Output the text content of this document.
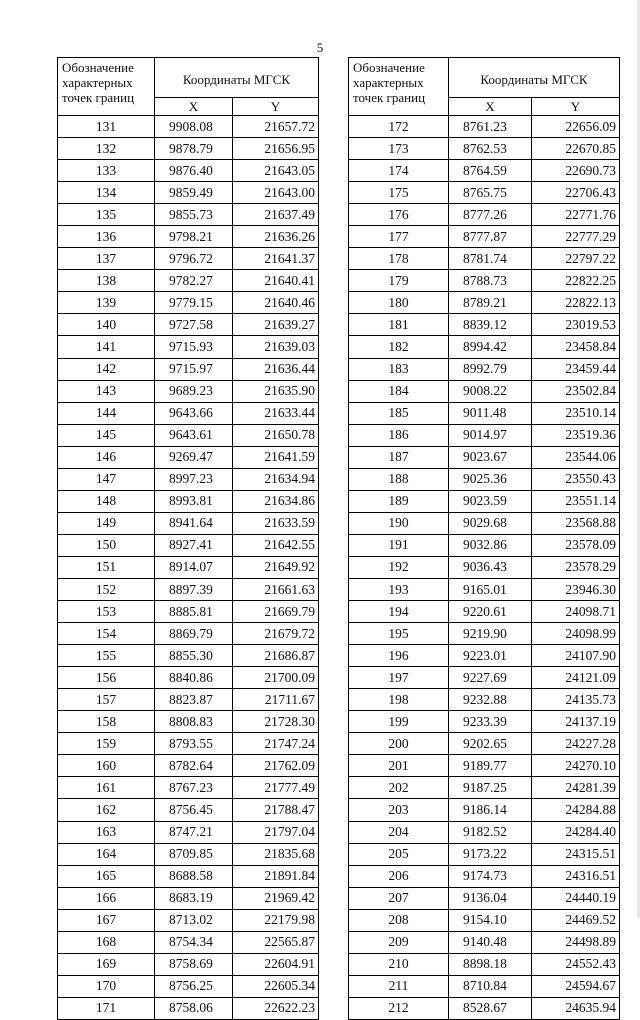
5
Обозначение характерных точек границ	Координаты МГСК	
	X	Y
131	9908.08	21657.72
132	9878.79	21656.95
133	9876.40	21643.05
134	9859.49	21643.00
135	9855.73	21637.49
136	9798.21	21636.26
137	9796.72	21641.37
138	9782.27	21640.41
139	9779.15	21640.46
140	9727.58	21639.27
141	9715.93	21639.03
142	9715.97	21636.44
143	9689.23	21635.90
144	9643.66	21633.44
145	9643.61	21650.78
146	9269.47	21641.59
147	8997.23	21634.94
148	8993.81	21634.86
149	8941.64	21633.59
150	8927.41	21642.55
151	8914.07	21649.92
152	8897.39	21661.63
153	8885.81	21669.79
154	8869.79	21679.72
155	8855.30	21686.87
156	8840.86	21700.09
157	8823.87	21711.67
158	8808.83	21728.30
159	8793.55	21747.24
160	8782.64	21762.09
161	8767.23	21777.49
162	8756.45	21788.47
163	8747.21	21797.04
164	8709.85	21835.68
165	8688.58	21891.84
166	8683.19	21969.42
167	8713.02	22179.98
168	8754.34	22565.87
169	8758.69	22604.91
170	8756.25	22605.34
171	8758.06	22622.23
Обозначение характерных точек границ	Координаты МГСК	
	X	Y
172	8761.23	22656.09
173	8762.53	22670.85
174	8764.59	22690.73
175	8765.75	22706.43
176	8777.26	22771.76
177	8777.87	22777.29
178	8781.74	22797.22
179	8788.73	22822.25
180	8789.21	22822.13
181	8839.12	23019.53
182	8994.42	23458.84
183	8992.79	23459.44
184	9008.22	23502.84
185	9011.48	23510.14
186	9014.97	23519.36
187	9023.67	23544.06
188	9025.36	23550.43
189	9023.59	23551.14
190	9029.68	23568.88
191	9032.86	23578.09
192	9036.43	23578.29
193	9165.01	23946.30
194	9220.61	24098.71
195	9219.90	24098.99
196	9223.01	24107.90
197	9227.69	24121.09
198	9232.88	24135.73
199	9233.39	24137.19
200	9202.65	24227.28
201	9189.77	24270.10
202	9187.25	24281.39
203	9186.14	24284.88
204	9182.52	24284.40
205	9173.22	24315.51
206	9174.73	24316.51
207	9136.04	24440.19
208	9154.10	24469.52
209	9140.48	24498.89
210	8898.18	24552.43
211	8710.84	24594.67
212	8528.67	24635.94
